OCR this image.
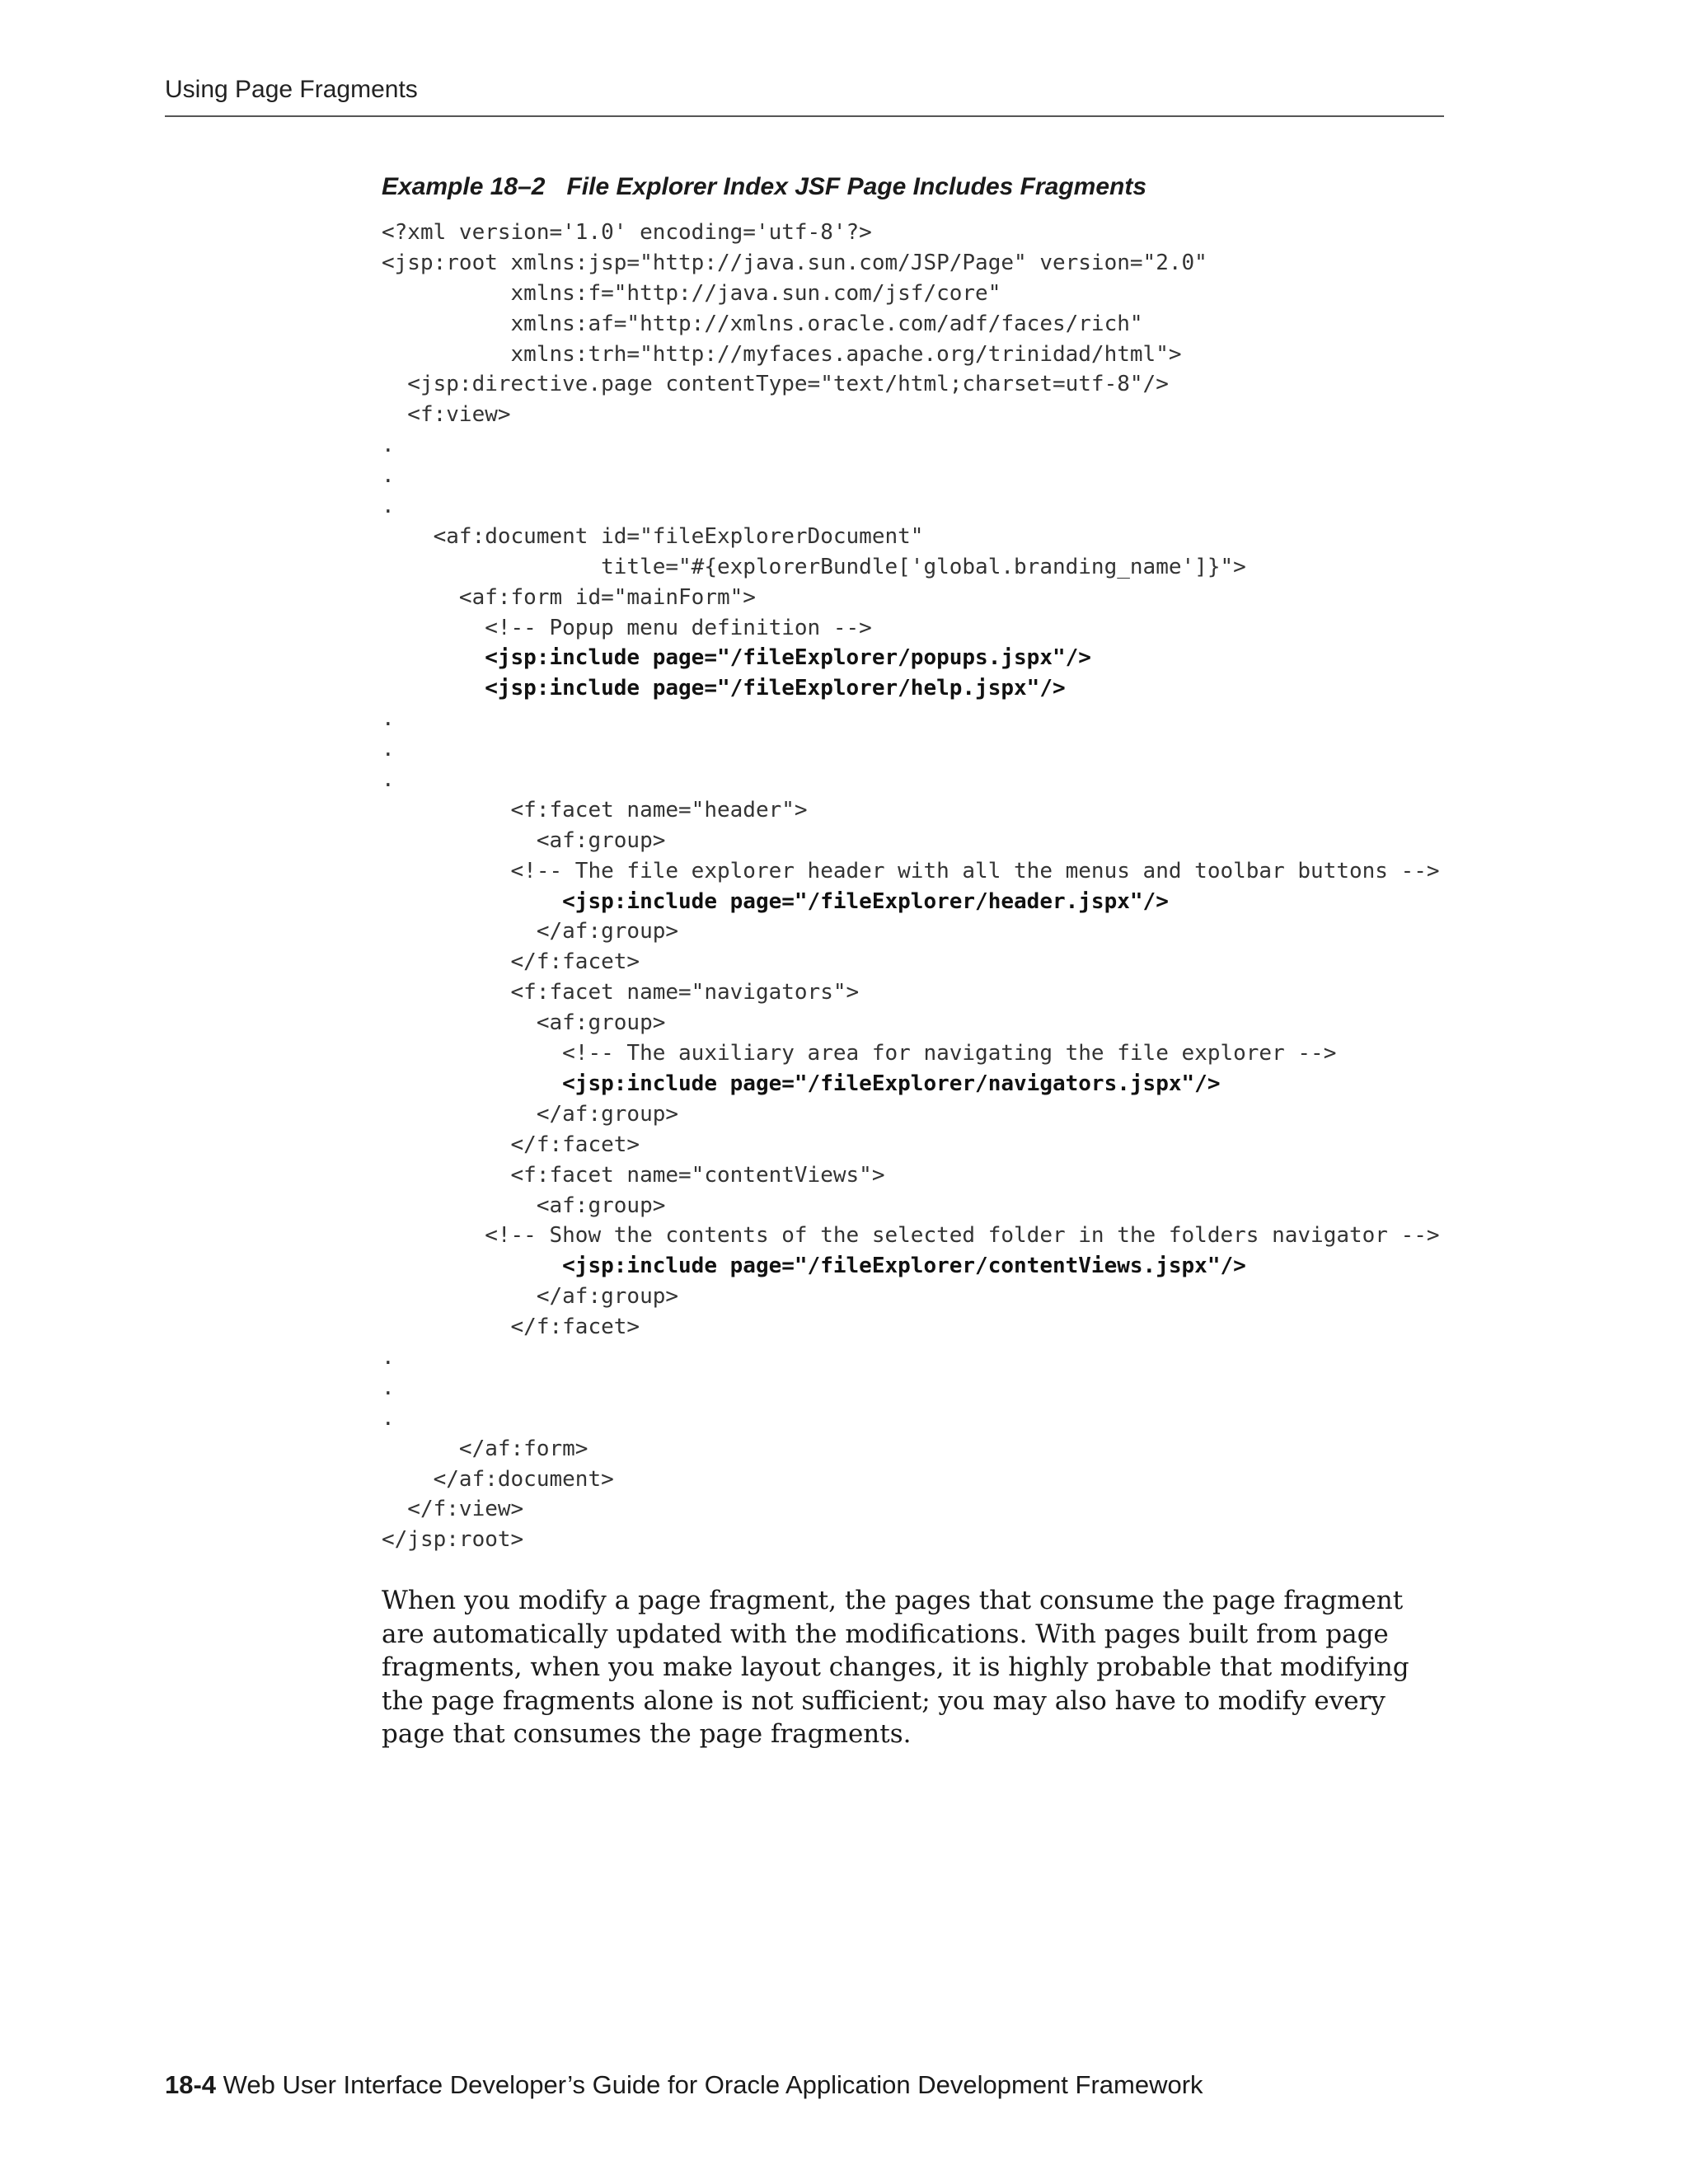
Using Page Fragments
Example 18–2 File Explorer Index JSF Page Includes Fragments
<?xml version='1.0' encoding='utf-8'?>
<jsp:root xmlns:jsp="http://java.sun.com/JSP/Page" version="2.0"
xmlns:f="http://java.sun.com/jsf/core"
xmlns:af="http://xmlns.oracle.com/adf/faces/rich"
xmlns:trh="http://myfaces.apache.org/trinidad/html">
<jsp:directive.page contentType="text/html;charset=utf-8"/>
<f:view>
.
.
.
<af:document id="fileExplorerDocument"
title="#{explorerBundle['global.branding_name']}">
<af:form id="mainForm">
<!-- Popup menu definition -->
<jsp:include page="/fileExplorer/popups.jspx"/>
<jsp:include page="/fileExplorer/help.jspx"/>
.
.
.
<f:facet name="header">
<af:group>
<!-- The file explorer header with all the menus and toolbar buttons -->
<jsp:include page="/fileExplorer/header.jspx"/>
</af:group>
</f:facet>
<f:facet name="navigators">
<af:group>
<!-- The auxiliary area for navigating the file explorer -->
<jsp:include page="/fileExplorer/navigators.jspx"/>
</af:group>
</f:facet>
<f:facet name="contentViews">
<af:group>
<!-- Show the contents of the selected folder in the folders navigator -->
<jsp:include page="/fileExplorer/contentViews.jspx"/>
</af:group>
</f:facet>
.
.
.
</af:form>
</af:document>
</f:view>
</jsp:root>

When you modify a page fragment, the pages that consume the page fragment are automatically updated with the modifications. With pages built from page fragments, when you make layout changes, it is highly probable that modifying the page fragments alone is not sufficient; you may also have to modify every page that consumes the page fragments.

18-4 Web User Interface Developer’s Guide for Oracle Application Development Framework
